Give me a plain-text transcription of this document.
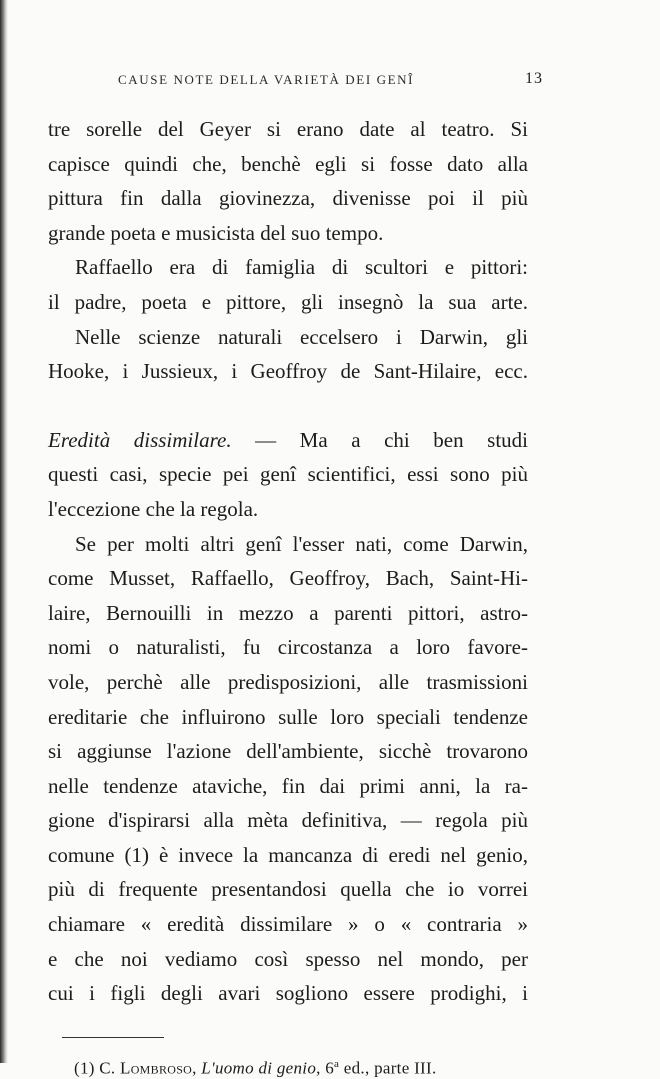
CAUSE NOTE DELLA VARIETÀ DEI GENÎ	13
tre sorelle del Geyer si erano date al teatro. Si
capisce quindi che, benchè egli si fosse dato alla
pittura fin dalla giovinezza, divenisse poi il più
grande poeta e musicista del suo tempo.
Raffaello era di famiglia di scultori e pittori:
il padre, poeta e pittore, gli insegnò la sua arte.
Nelle scienze naturali eccelsero i Darwin, gli
Hooke, i Jussieux, i Geoffroy de Sant-Hilaire, ecc.
Eredità dissimilare. — Ma a chi ben studi
questi casi, specie pei genî scientifici, essi sono più
l'eccezione che la regola.
Se per molti altri genî l'esser nati, come Darwin,
come Musset, Raffaello, Geoffroy, Bach, Saint-Hi-
laire, Bernouilli in mezzo a parenti pittori, astro-
nomi o naturalisti, fu circostanza a loro favore-
vole, perchè alle predisposizioni, alle trasmissioni
ereditarie che influirono sulle loro speciali tendenze
si aggiunse l'azione dell'ambiente, sicchè trovarono
nelle tendenze ataviche, fin dai primi anni, la ra-
gione d'ispirarsi alla mèta definitiva, — regola più
comune (1) è invece la mancanza di eredi nel genio,
più di frequente presentandosi quella che io vorrei
chiamare « eredità dissimilare » o « contraria »
e che noi vediamo così spesso nel mondo, per
cui i figli degli avari sogliono essere prodighi, i
(1) C. Lombroso, L'uomo di genio, 6$^a$ ed., parte III.
